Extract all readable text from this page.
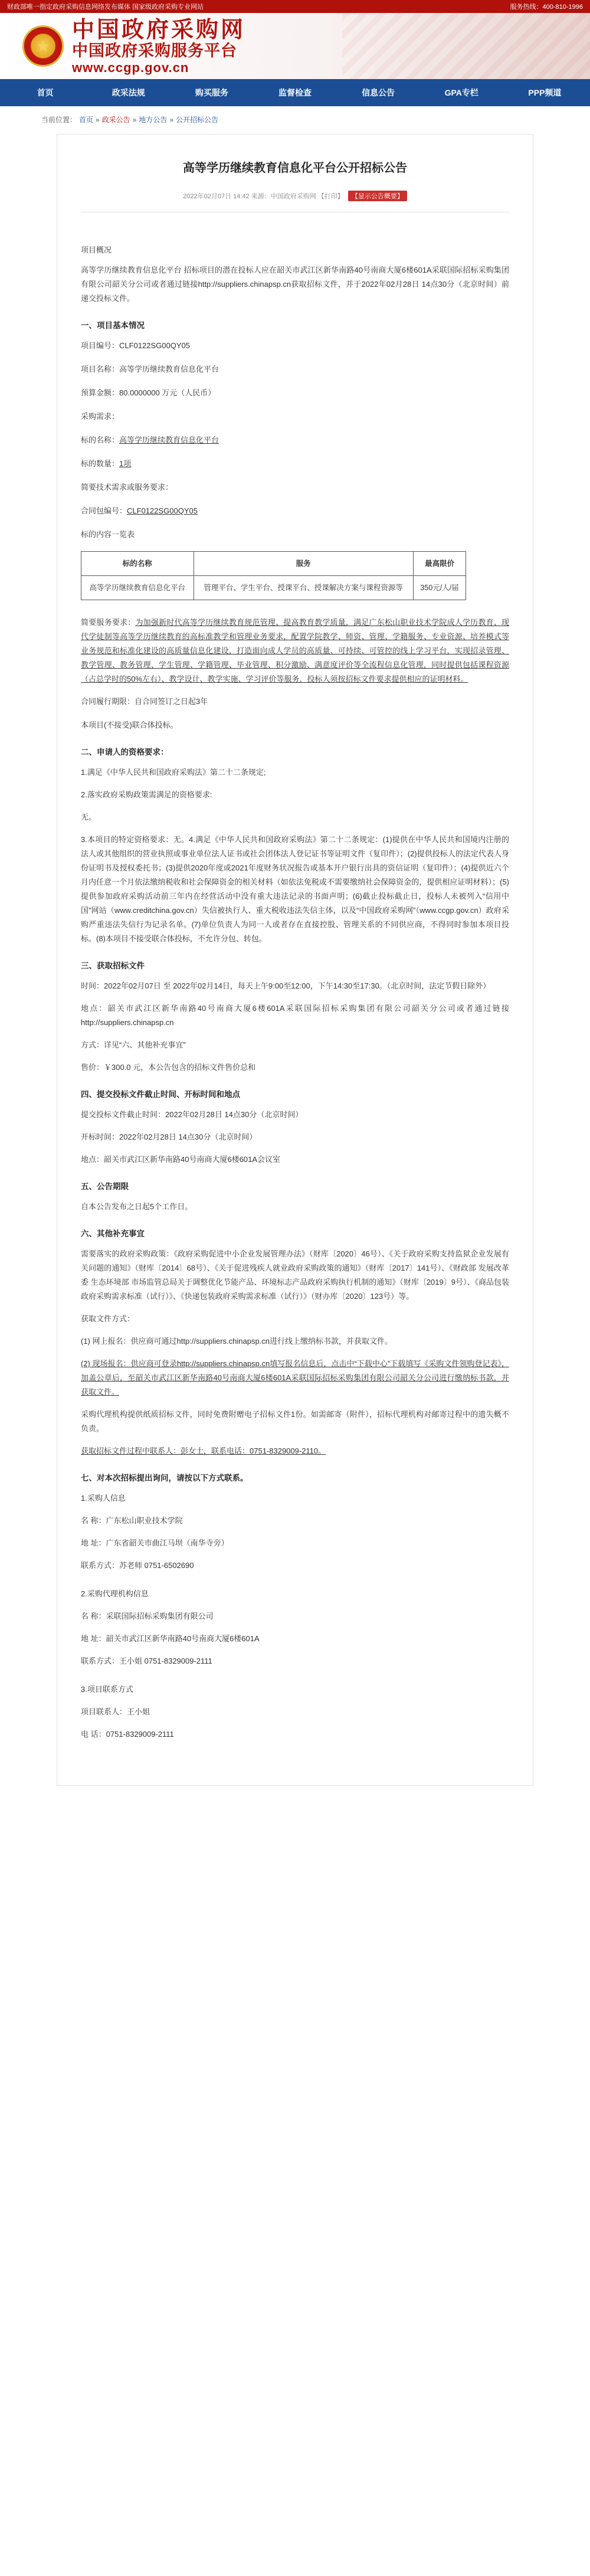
财政部唯一指定政府采购信息网络发布媒体 国家级政府采购专业网站	服务热线：400-810-1996
★
中国政府采购网
中国政府采购服务平台
www.ccgp.gov.cn
首页	政采法规	购买服务	监督检查	信息公告	GPA专栏	PPP频道
当前位置： 首页 » 政采公告 » 地方公告 » 公开招标公告
高等学历继续教育信息化平台公开招标公告
2022年02月07日 14:42 来源：中国政府采购网 【打印】 【显示公告概要】
项目概况
高等学历继续教育信息化平台 招标项目的潜在投标人应在韶关市武江区新华南路40号南商大厦6楼601A采联国际招标采购集团有限公司韶关分公司或者通过链接http://suppliers.chinapsp.cn获取招标文件，并于2022年02月28日 14点30分（北京时间）前递交投标文件。
一、项目基本情况
项目编号：CLF0122SG00QY05
项目名称：高等学历继续教育信息化平台
预算金额：80.0000000 万元（人民币）
采购需求：
标的名称：高等学历继续教育信息化平台
标的数量：1项
简要技术需求或服务要求：
合同包编号：CLF0122SG00QY05
标的内容一览表
标的名称	服务	最高限价
高等学历继续教育信息化平台	管理平台、学生平台、授课平台、授课解决方案与课程资源等	350元/人/届
简要服务要求：为加强新时代高等学历继续教育规范管理、提高教育教学质量，满足广东松山职业技术学院成人学历教育、现代学徒制等高等学历继续教育的高标准教学和管理业务要求，配置学院教学、师资、管理、学籍服务、专业资源、培养模式等业务规范和标准化建设的高质量信息化建设，打造面向成人学员的高质量、可持续、可管控的线上学习平台，实现招录管理、教学管理、教务管理、学生管理、学籍管理、毕业管理、积分激励、满意度评价等全流程信息化管理，同时提供包括课程资源（占总学时的50%左右）、教学设计、教学实施、学习评价等服务，投标人须按招标文件要求提供相应的证明材料。
合同履行期限：自合同签订之日起3年
本项目(不接受)联合体投标。
二、申请人的资格要求：
1.满足《中华人民共和国政府采购法》第二十二条规定;
2.落实政府采购政策需满足的资格要求:
无。
3.本项目的特定资格要求：无。4.满足《中华人民共和国政府采购法》第二十二条规定：(1)提供在中华人民共和国境内注册的法人或其他组织的营业执照或事业单位法人证书或社会团体法人登记证书等证明文件（复印件）；(2)提供投标人的法定代表人身份证明书及授权委托书；(3)提供2020年度或2021年度财务状况报告或基本开户银行出具的资信证明（复印件）；(4)提供近六个月内任意一个月依法缴纳税收和社会保障资金的相关材料（如依法免税或不需要缴纳社会保障资金的，提供相应证明材料）；(5)提供参加政府采购活动前三年内在经营活动中没有重大违法记录的书面声明；(6)截止投标截止日，投标人未被列入“信用中国”网站（www.creditchina.gov.cn）失信被执行人、重大税收违法失信主体，以及“中国政府采购网”（www.ccgp.gov.cn）政府采购严重违法失信行为记录名单。(7)单位负责人为同一人或者存在直接控股、管理关系的不同供应商，不得同时参加本项目投标。(8)本项目不接受联合体投标，不允许分包、转包。
三、获取招标文件
时间：2022年02月07日 至 2022年02月14日，每天上午9:00至12:00，下午14:30至17:30。（北京时间，法定节假日除外）
地点：韶关市武江区新华南路40号南商大厦6楼601A采联国际招标采购集团有限公司韶关分公司或者通过链接http://suppliers.chinapsp.cn
方式：详见“六、其他补充事宜”
售价：￥300.0 元，本公告包含的招标文件售价总和
四、提交投标文件截止时间、开标时间和地点
提交投标文件截止时间：2022年02月28日 14点30分（北京时间）
开标时间：2022年02月28日 14点30分（北京时间）
地点：韶关市武江区新华南路40号南商大厦6楼601A会议室
五、公告期限
自本公告发布之日起5个工作日。
六、其他补充事宜
需要落实的政府采购政策：《政府采购促进中小企业发展管理办法》（财库〔2020〕46号）、《关于政府采购支持监狱企业发展有关问题的通知》（财库〔2014〕68号）、《关于促进残疾人就业政府采购政策的通知》（财库〔2017〕141号）、《财政部 发展改革委 生态环境部 市场监管总局关于调整优化节能产品、环境标志产品政府采购执行机制的通知》（财库〔2019〕9号）、《商品包装政府采购需求标准（试行）》、《快递包装政府采购需求标准（试行）》（财办库〔2020〕123号）等。
获取文件方式：
(1) 网上报名：供应商可通过http://suppliers.chinapsp.cn进行线上缴纳标书款，并获取文件。
(2) 现场报名：供应商可登录http://suppliers.chinapsp.cn填写报名信息后，点击中“下载中心”下载填写《采购文件领购登记表》，加盖公章后，至韶关市武江区新华南路40号南商大厦6楼601A采联国际招标采购集团有限公司韶关分公司进行缴纳标书款，并获取文件。
采购代理机构提供纸质招标文件，同时免费附赠电子招标文件1份。如需邮寄（附件），招标代理机构对邮寄过程中的遗失概不负责。
获取招标文件过程中联系人：彭女士，联系电话：0751-8329009-2110。
七、对本次招标提出询问，请按以下方式联系。
1.采购人信息
名 称：广东松山职业技术学院
地 址：广东省韶关市曲江马坝（南华寺旁）
联系方式：苏老师 0751-6502690
2.采购代理机构信息
名 称：采联国际招标采购集团有限公司
地 址：韶关市武江区新华南路40号南商大厦6楼601A
联系方式：王小姐 0751-8329009-2111
3.项目联系方式
项目联系人：王小姐
电 话：0751-8329009-2111
